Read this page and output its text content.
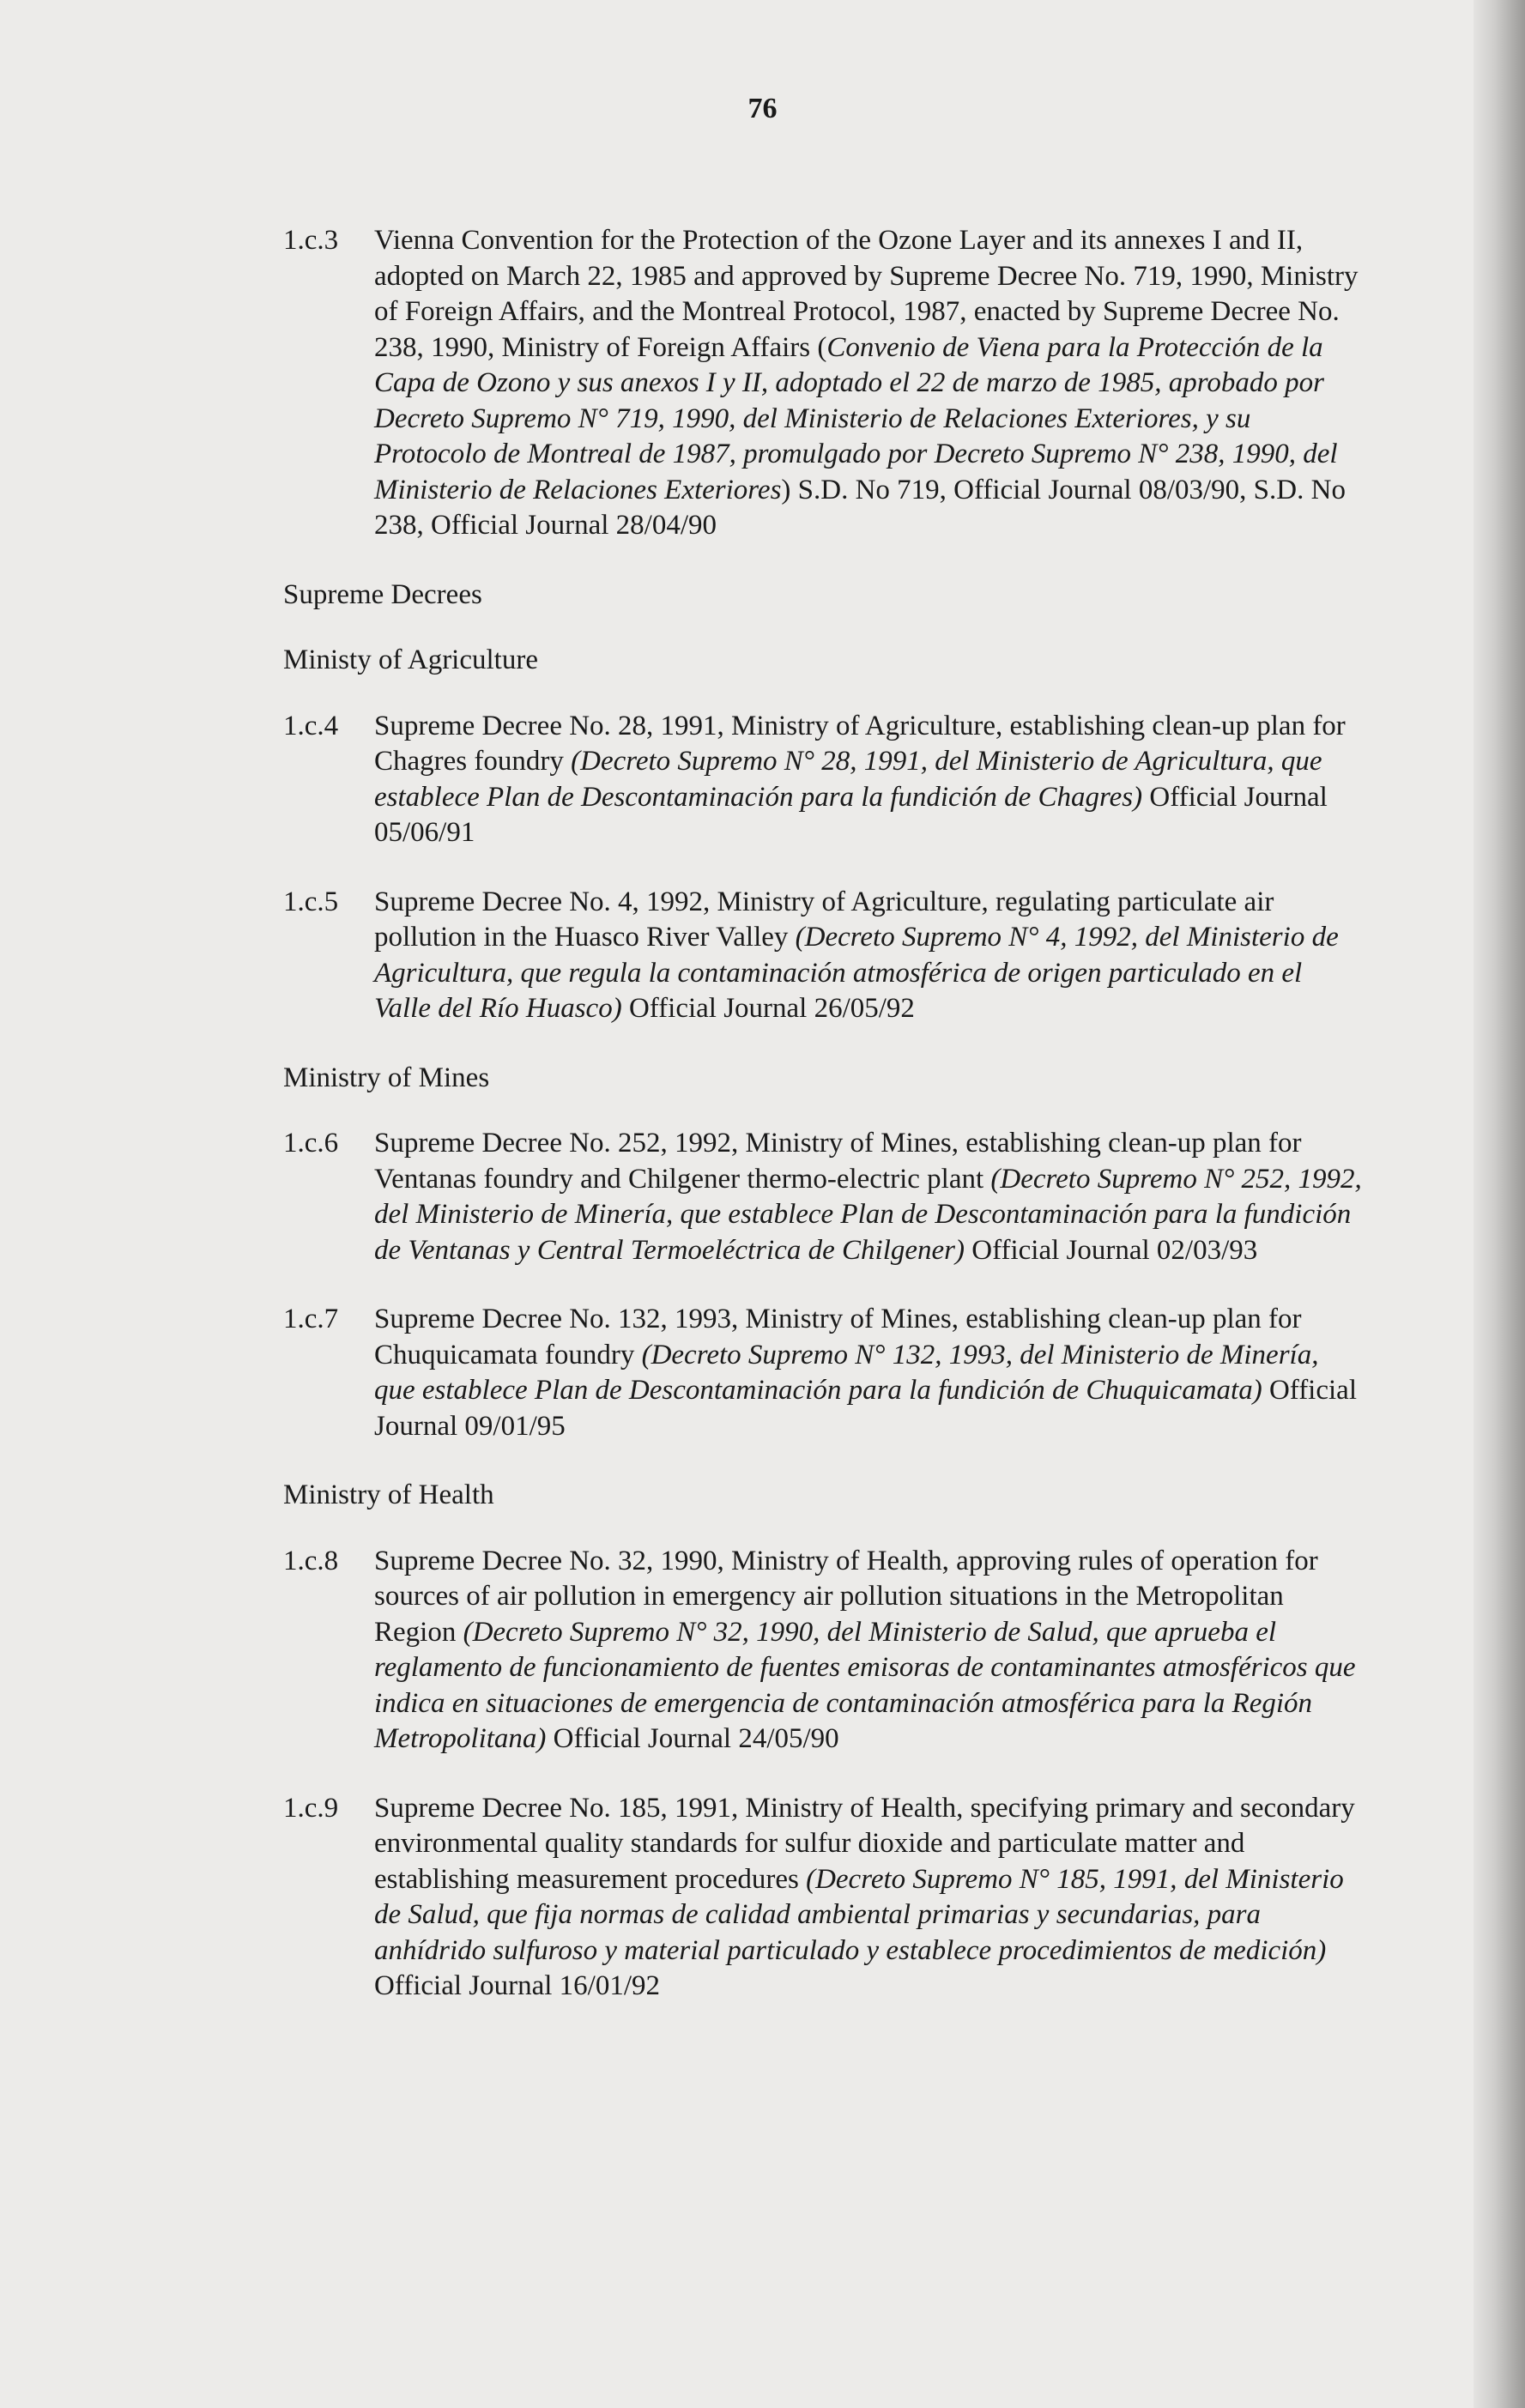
76
1.c.3 Vienna Convention for the Protection of the Ozone Layer and its annexes I and II, adopted on March 22, 1985 and approved by Supreme Decree No. 719, 1990, Ministry of Foreign Affairs, and the Montreal Protocol, 1987, enacted by Supreme Decree No. 238, 1990, Ministry of Foreign Affairs (Convenio de Viena para la Protección de la Capa de Ozono y sus anexos I y II, adoptado el 22 de marzo de 1985, aprobado por Decreto Supremo N° 719, 1990, del Ministerio de Relaciones Exteriores, y su Protocolo de Montreal de 1987, promulgado por Decreto Supremo N° 238, 1990, del Ministerio de Relaciones Exteriores) S.D. No 719, Official Journal 08/03/90, S.D. No 238, Official Journal 28/04/90
Supreme Decrees
Ministy of Agriculture
1.c.4 Supreme Decree No. 28, 1991, Ministry of Agriculture, establishing clean-up plan for Chagres foundry (Decreto Supremo N° 28, 1991, del Ministerio de Agricultura, que establece Plan de Descontaminación para la fundición de Chagres) Official Journal 05/06/91
1.c.5 Supreme Decree No. 4, 1992, Ministry of Agriculture, regulating particulate air pollution in the Huasco River Valley (Decreto Supremo N° 4, 1992, del Ministerio de Agricultura, que regula la contaminación atmosférica de origen particulado en el Valle del Río Huasco) Official Journal 26/05/92
Ministry of Mines
1.c.6 Supreme Decree No. 252, 1992, Ministry of Mines, establishing clean-up plan for Ventanas foundry and Chilgener thermo-electric plant (Decreto Supremo N° 252, 1992, del Ministerio de Minería, que establece Plan de Descontaminación para la fundición de Ventanas y Central Termoeléctrica de Chilgener) Official Journal 02/03/93
1.c.7 Supreme Decree No. 132, 1993, Ministry of Mines, establishing clean-up plan for Chuquicamata foundry (Decreto Supremo N° 132, 1993, del Ministerio de Minería, que establece Plan de Descontaminación para la fundición de Chuquicamata) Official Journal 09/01/95
Ministry of Health
1.c.8 Supreme Decree No. 32, 1990, Ministry of Health, approving rules of operation for sources of air pollution in emergency air pollution situations in the Metropolitan Region (Decreto Supremo N° 32, 1990, del Ministerio de Salud, que aprueba el reglamento de funcionamiento de fuentes emisoras de contaminantes atmosféricos que indica en situaciones de emergencia de contaminación atmosférica para la Región Metropolitana) Official Journal 24/05/90
1.c.9 Supreme Decree No. 185, 1991, Ministry of Health, specifying primary and secondary environmental quality standards for sulfur dioxide and particulate matter and establishing measurement procedures (Decreto Supremo N° 185, 1991, del Ministerio de Salud, que fija normas de calidad ambiental primarias y secundarias, para anhídrido sulfuroso y material particulado y establece procedimientos de medición) Official Journal 16/01/92
